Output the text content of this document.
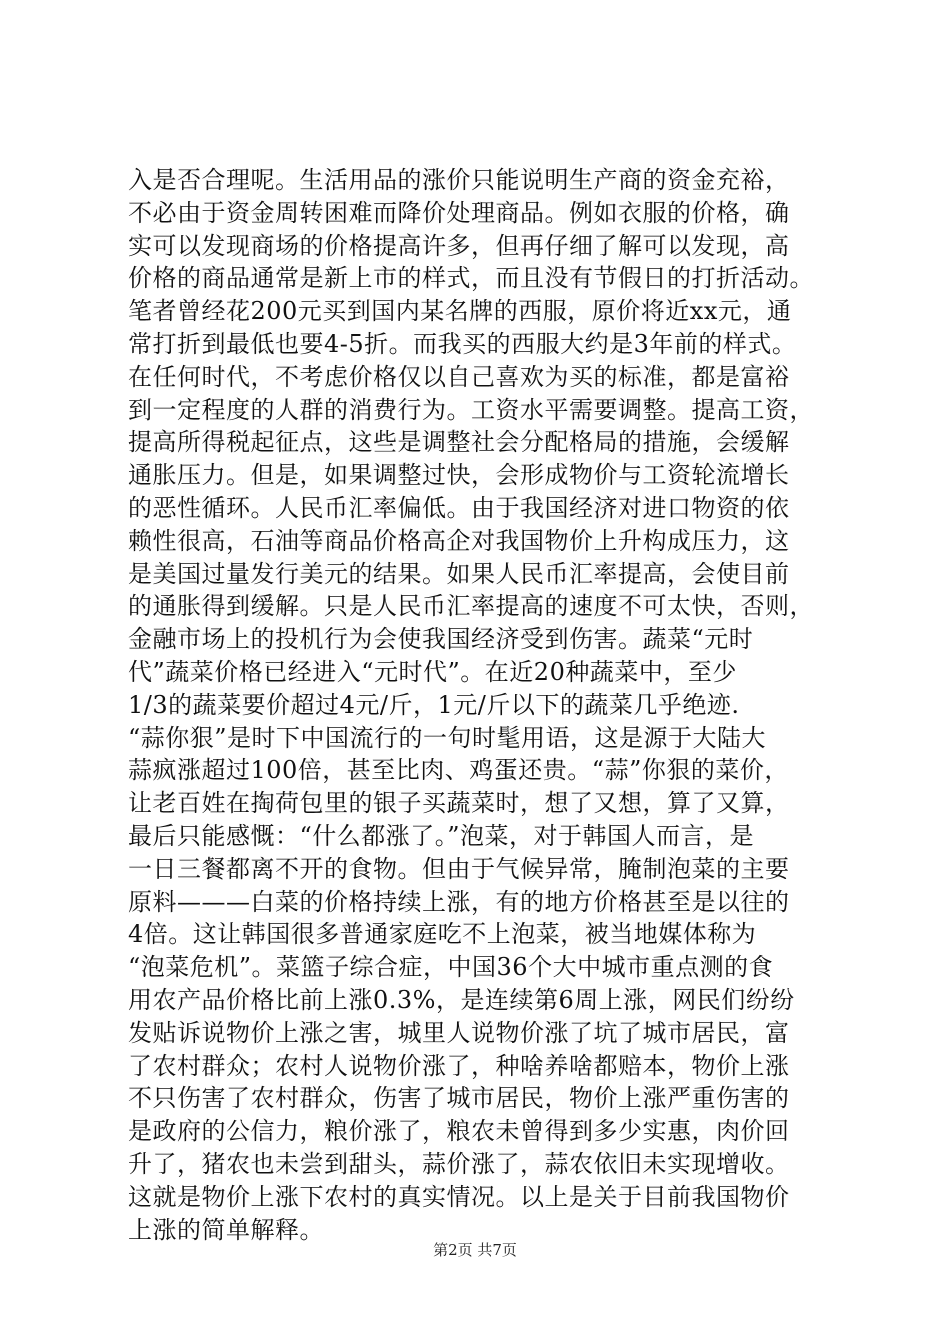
入是否合理呢。生活用品的涨价只能说明生产商的资金充裕，
不必由于资金周转困难而降价处理商品。例如衣服的价格，确
实可以发现商场的价格提高许多，但再仔细了解可以发现，高
价格的商品通常是新上市的样式，而且没有节假日的打折活动。
笔者曾经花200元买到国内某名牌的西服，原价将近xx元，通
常打折到最低也要4-5折。而我买的西服大约是3年前的样式。
在任何时代，不考虑价格仅以自己喜欢为买的标准，都是富裕
到一定程度的人群的消费行为。工资水平需要调整。提高工资，
提高所得税起征点，这些是调整社会分配格局的措施，会缓解
通胀压力。但是，如果调整过快，会形成物价与工资轮流增长
的恶性循环。人民币汇率偏低。由于我国经济对进口物资的依
赖性很高，石油等商品价格高企对我国物价上升构成压力，这
是美国过量发行美元的结果。如果人民币汇率提高，会使目前
的通胀得到缓解。只是人民币汇率提高的速度不可太快，否则，
金融市场上的投机行为会使我国经济受到伤害。蔬菜“元时
代”蔬菜价格已经进入“元时代”。在近20种蔬菜中，至少
1/3的蔬菜要价超过4元/斤，1元/斤以下的蔬菜几乎绝迹.
“蒜你狠”是时下中国流行的一句时髦用语，这是源于大陆大
蒜疯涨超过100倍，甚至比肉、鸡蛋还贵。“蒜”你狠的菜价，
让老百姓在掏荷包里的银子买蔬菜时，想了又想，算了又算，
最后只能感慨：“什么都涨了。”泡菜，对于韩国人而言，是
一日三餐都离不开的食物。但由于气候异常，腌制泡菜的主要
原料———白菜的价格持续上涨，有的地方价格甚至是以往的
4倍。这让韩国很多普通家庭吃不上泡菜，被当地媒体称为
“泡菜危机”。菜篮子综合症，中国36个大中城市重点测的食
用农产品价格比前上涨0.3%，是连续第6周上涨，网民们纷纷
发贴诉说物价上涨之害，城里人说物价涨了坑了城市居民，富
了农村群众；农村人说物价涨了，种啥养啥都赔本，物价上涨
不只伤害了农村群众，伤害了城市居民，物价上涨严重伤害的
是政府的公信力，粮价涨了，粮农未曾得到多少实惠，肉价回
升了，猪农也未尝到甜头，蒜价涨了，蒜农依旧未实现增收。
这就是物价上涨下农村的真实情况。以上是关于目前我国物价
上涨的简单解释。
第2页 共7页
